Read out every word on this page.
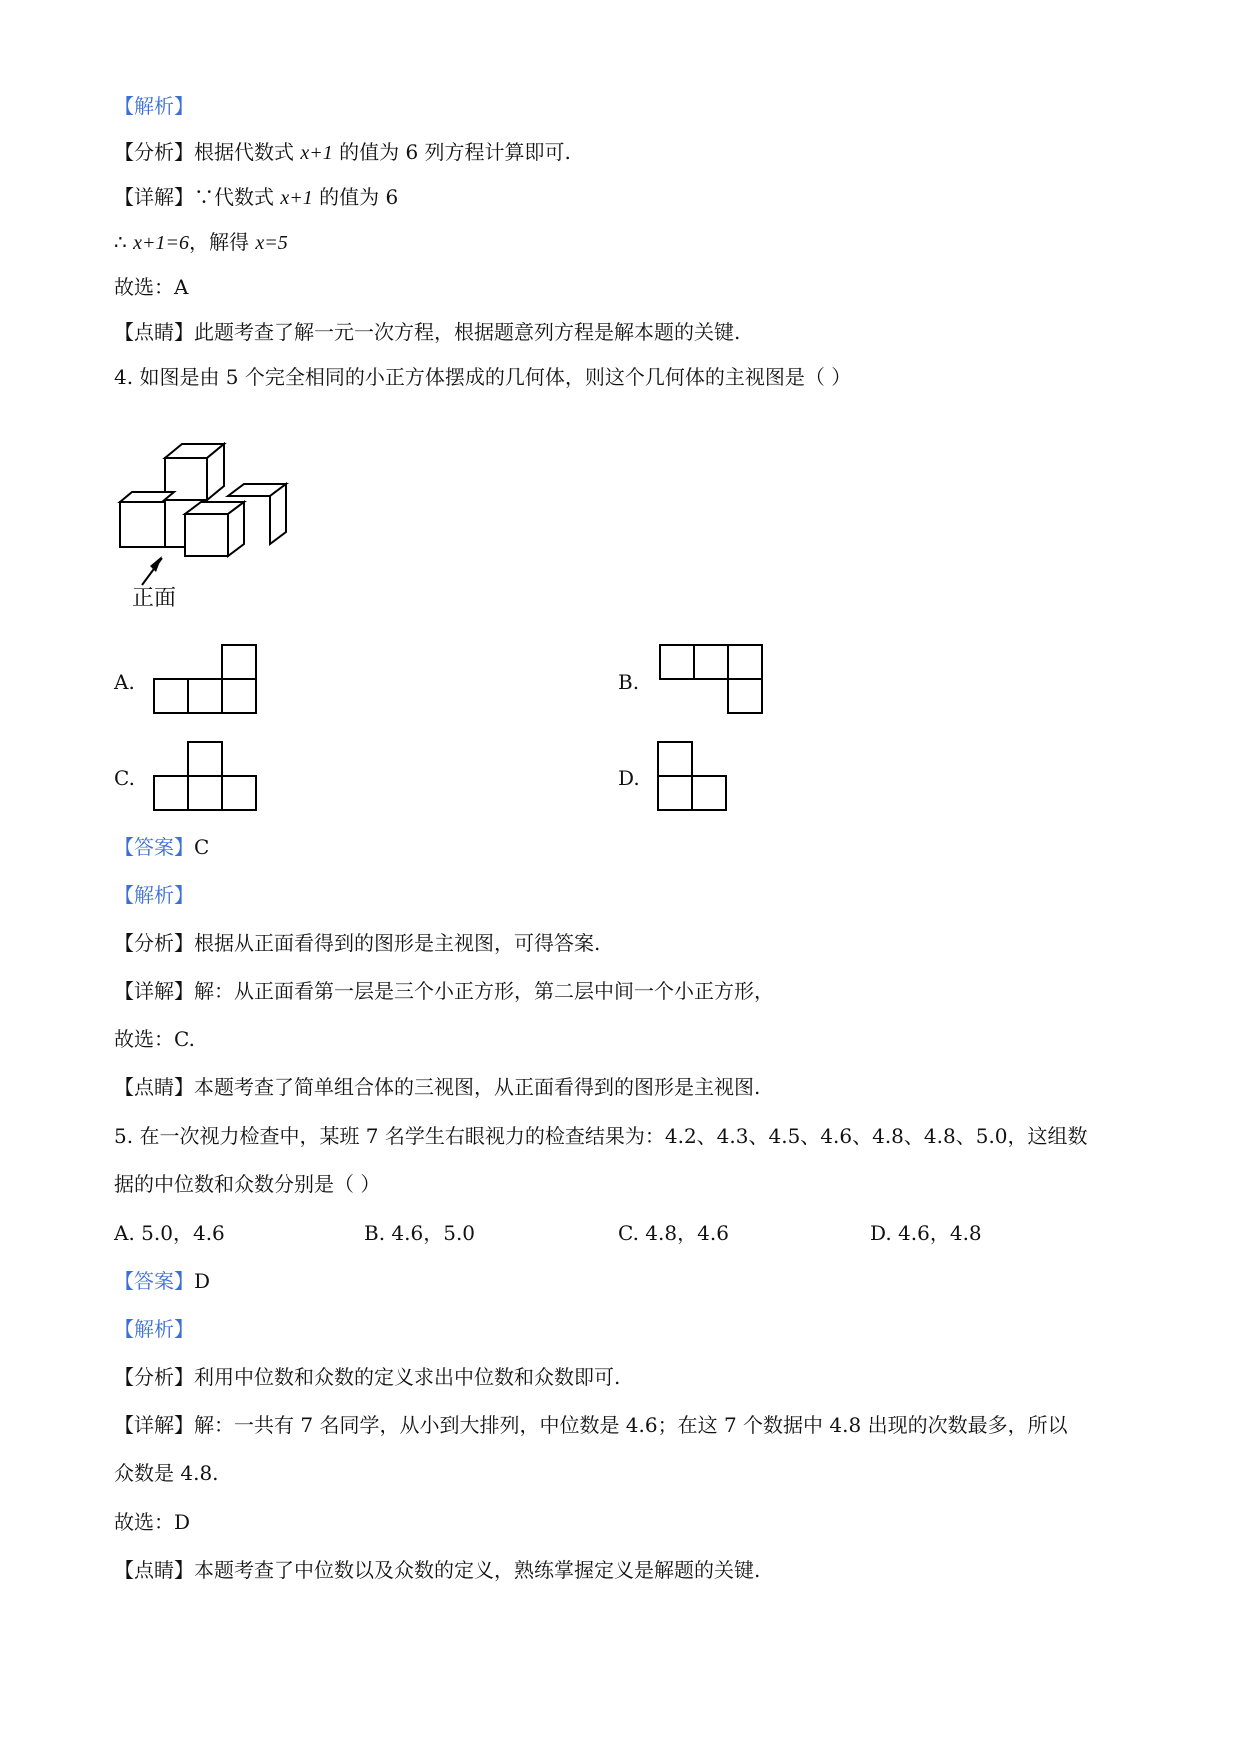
【解析】
【分析】根据代数式 x+1 的值为 6 列方程计算即可.
【详解】∵代数式 x+1 的值为 6
∴ x+1=6，解得 x=5
故选：A
【点睛】此题考查了解一元一次方程，根据题意列方程是解本题的关键.
4. 如图是由 5 个完全相同的小正方体摆成的几何体，则这个几何体的主视图是（ ）
正面
A.	B.
C.	D.
【答案】C
【解析】
【分析】根据从正面看得到的图形是主视图，可得答案.
【详解】解：从正面看第一层是三个小正方形，第二层中间一个小正方形，
故选：C.
【点睛】本题考查了简单组合体的三视图，从正面看得到的图形是主视图.
5. 在一次视力检查中，某班 7 名学生右眼视力的检查结果为：4.2、4.3、4.5、4.6、4.8、4.8、5.0，这组数
据的中位数和众数分别是（ ）
A. 5.0，4.6	B. 4.6，5.0	C. 4.8，4.6	D. 4.6，4.8
【答案】D
【解析】
【分析】利用中位数和众数的定义求出中位数和众数即可.
【详解】解：一共有 7 名同学，从小到大排列，中位数是 4.6；在这 7 个数据中 4.8 出现的次数最多，所以
众数是 4.8.
故选：D
【点睛】本题考查了中位数以及众数的定义，熟练掌握定义是解题的关键.
